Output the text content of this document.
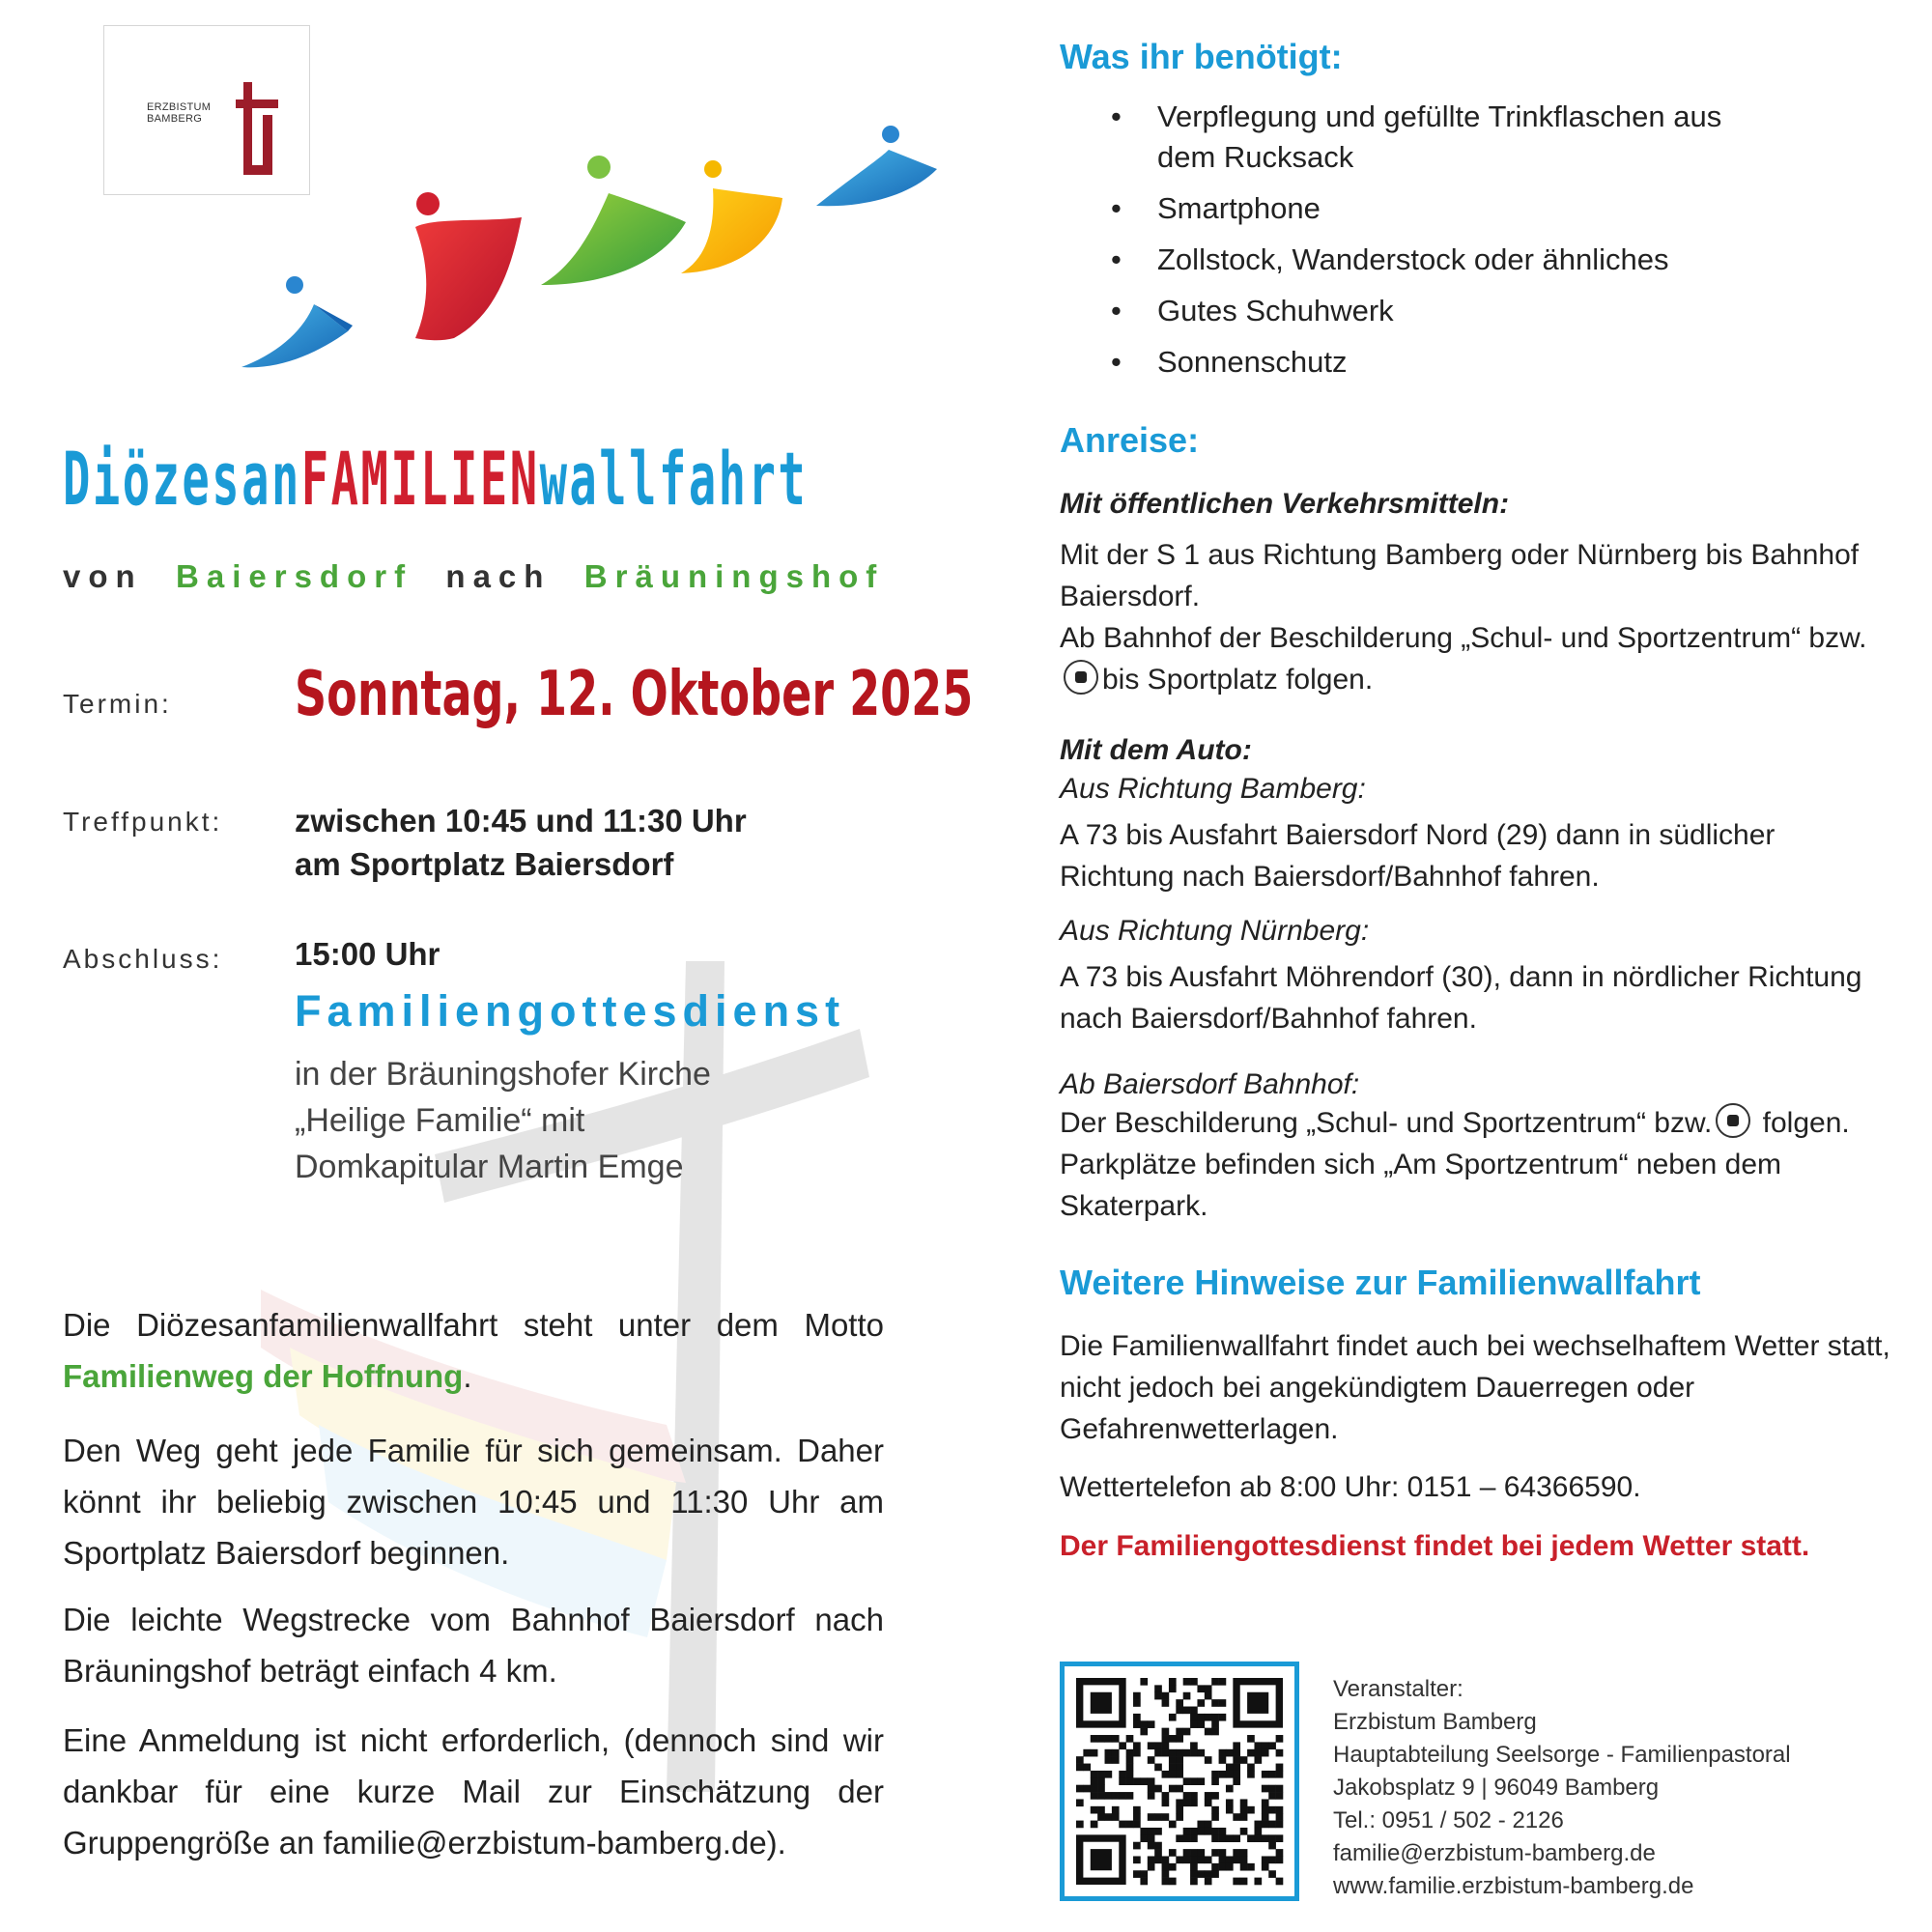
ERZBISTUM
BAMBERG
DiözesanFAMILIENwallfahrt
von Baiersdorf nach Bräuningshof
Termin: Sonntag, 12. Oktober 2025
Treffpunkt: zwischen 10:45 und 11:30 Uhr
am Sportplatz Baiersdorf
Abschluss: 15:00 Uhr
Familiengottesdienst
in der Bräuningshofer Kirche
„Heilige Familie“ mit
Domkapitular Martin Emge
Die Diözesanfamilienwallfahrt steht unter dem Motto Familienweg der Hoffnung.
Den Weg geht jede Familie für sich gemeinsam. Daher könnt ihr beliebig zwischen 10:45 und 11:30 Uhr am Sportplatz Baiersdorf beginnen.
Die leichte Wegstrecke vom Bahnhof Baiersdorf nach Bräuningshof beträgt einfach 4 km.
Eine Anmeldung ist nicht erforderlich, (dennoch sind wir dankbar für eine kurze Mail zur Einschätzung der Gruppengröße an familie@erzbistum-bamberg.de).
Was ihr benötigt:
• Verpflegung und gefüllte Trinkflaschen aus dem Rucksack
• Smartphone
• Zollstock, Wanderstock oder ähnliches
• Gutes Schuhwerk
• Sonnenschutz
Anreise:
Mit öffentlichen Verkehrsmitteln:
Mit der S 1 aus Richtung Bamberg oder Nürnberg bis Bahnhof Baiersdorf.
Ab Bahnhof der Beschilderung „Schul- und Sportzentrum“ bzw.bis Sportplatz folgen.
Mit dem Auto:
Aus Richtung Bamberg:
A 73 bis Ausfahrt Baiersdorf Nord (29) dann in südlicher Richtung nach Baiersdorf/Bahnhof fahren.
Aus Richtung Nürnberg:
A 73 bis Ausfahrt Möhrendorf (30), dann in nördlicher Richtung nach Baiersdorf/Bahnhof fahren.
Ab Baiersdorf Bahnhof:
Der Beschilderung „Schul- und Sportzentrum“ bzw. folgen. Parkplätze befinden sich „Am Sportzentrum“ neben dem Skaterpark.
Weitere Hinweise zur Familienwallfahrt
Die Familienwallfahrt findet auch bei wechselhaftem Wetter statt, nicht jedoch bei angekündigtem Dauerregen oder Gefahrenwetterlagen.
Wettertelefon ab 8:00 Uhr: 0151 – 64366590.
Der Familiengottesdienst findet bei jedem Wetter statt.
Veranstalter:
Erzbistum Bamberg
Hauptabteilung Seelsorge - Familienpastoral
Jakobsplatz 9 | 96049 Bamberg
Tel.: 0951 / 502 - 2126
familie@erzbistum-bamberg.de
www.familie.erzbistum-bamberg.de
